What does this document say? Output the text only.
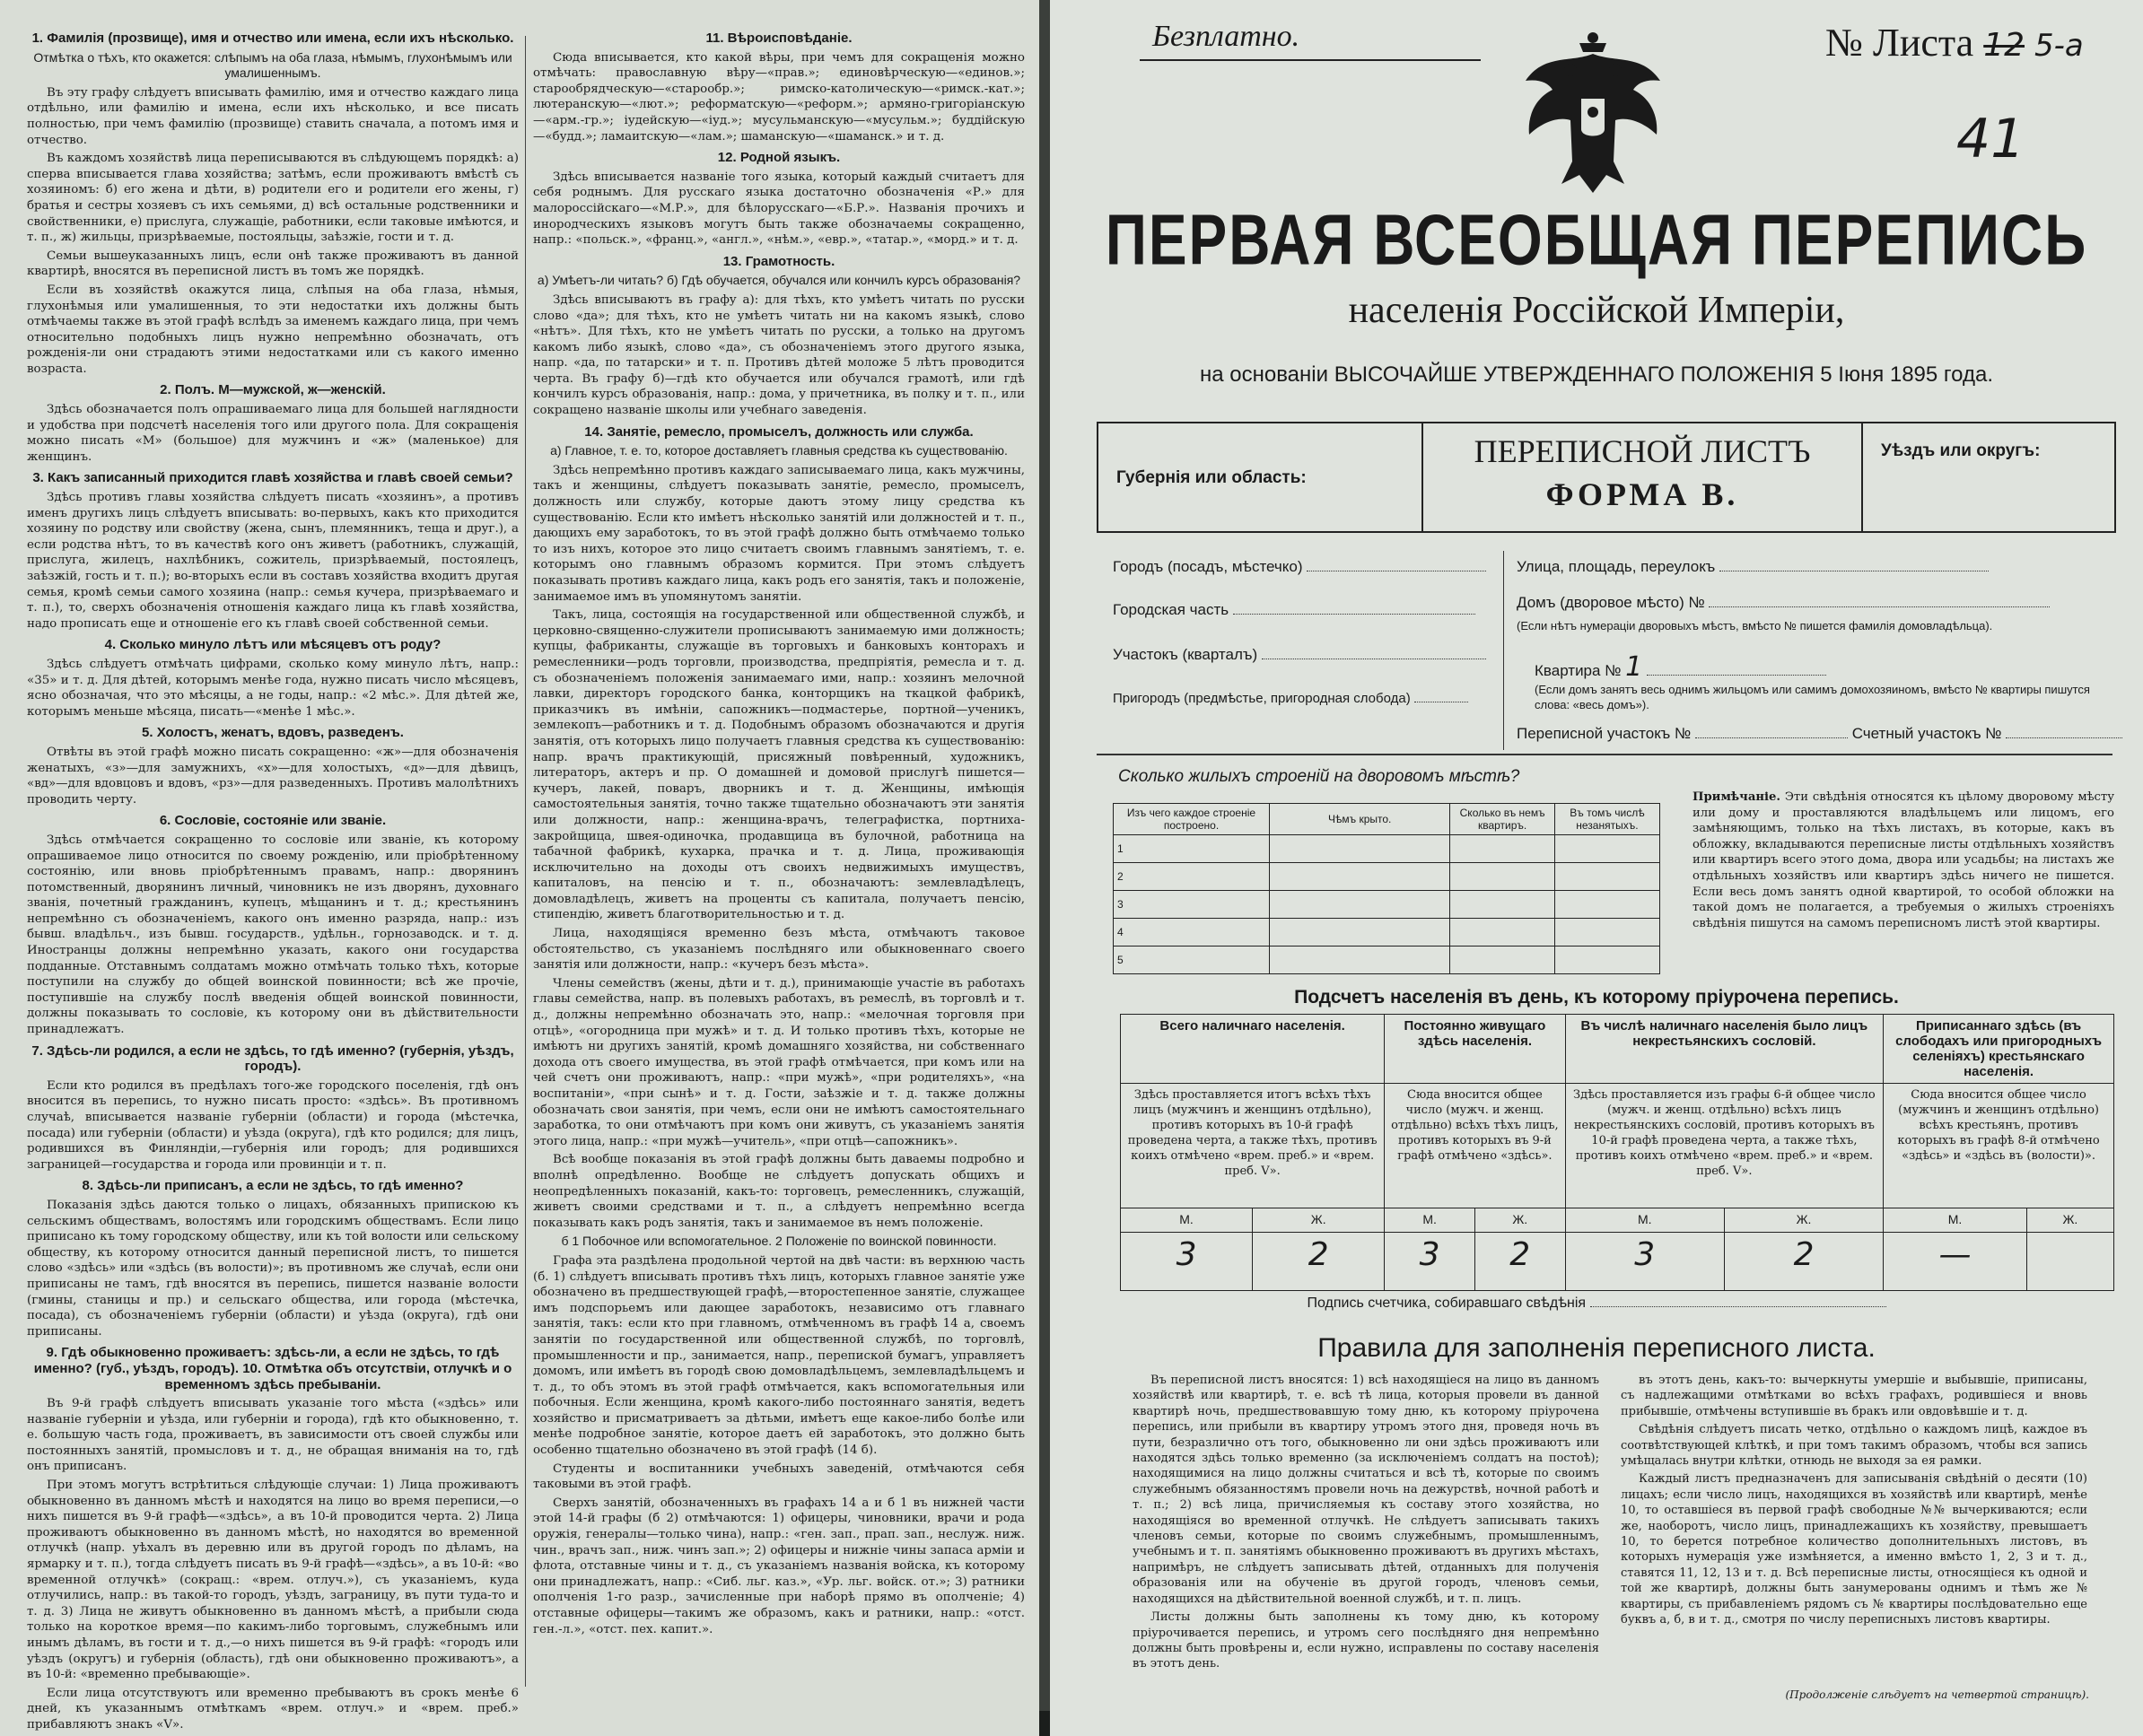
1. Фамилія (прозвище), имя и отчество или имена, если ихъ нѣсколько.

Отмѣтка о тѣхъ, кто окажется: слѣпымъ на оба глаза, нѣмымъ, глухонѣмымъ или умалишеннымъ.

Въ эту графу слѣдуетъ вписывать фамилію, имя и отчество каждаго лица отдѣльно, или фамилію и имена, если ихъ нѣсколько, и все писать полностью, при чемъ фамилію (прозвище) ставить сначала, а потомъ имя и отчество.

Въ каждомъ хозяйствѣ лица переписываются въ слѣдующемъ порядкѣ: а) сперва вписывается глава хозяйства; затѣмъ, если проживаютъ вмѣстѣ съ хозяиномъ: б) его жена и дѣти, в) родители его и родители его жены, г) братья и сестры хозяевъ съ ихъ семьями, д) всѣ остальные родственники и свойственники, е) прислуга, служащіе, работники, если таковые имѣются, и т. п., ж) жильцы, призрѣваемые, постояльцы, заѣзжіе, гости и т. д.

Семьи вышеуказанныхъ лицъ, если онѣ также проживаютъ въ данной квартирѣ, вносятся въ переписной листъ въ томъ же порядкѣ.

Если въ хозяйствѣ окажутся лица, слѣпыя на оба глаза, нѣмыя, глухонѣмыя или умалишенныя, то эти недостатки ихъ должны быть отмѣчаемы также въ этой графѣ вслѣдъ за именемъ каждаго лица, при чемъ относительно подобныхъ лицъ нужно непремѣнно обозначать, отъ рожденія-ли они страдаютъ этими недостатками или съ какого именно возраста.

2. Полъ. М—мужской, ж—женскій.

Здѣсь обозначается полъ опрашиваемаго лица для большей наглядности и удобства при подсчетѣ населенія того или другого пола. Для сокращенія можно писать «М» (большое) для мужчинъ и «ж» (маленькое) для женщинъ.

3. Какъ записанный приходится главѣ хозяйства и главѣ своей семьи?

Здѣсь противъ главы хозяйства слѣдуетъ писать «хозяинъ», а противъ именъ другихъ лицъ слѣдуетъ вписывать: во-первыхъ, какъ кто приходится хозяину по родству или свойству (жена, сынъ, племянникъ, теща и друг.), а если родства нѣтъ, то въ качествѣ кого онъ живетъ (работникъ, служащій, прислуга, жилецъ, нахлѣбникъ, сожитель, призрѣваемый, постоялецъ, заѣзжій, гость и т. п.); во-вторыхъ если въ составъ хозяйства входитъ другая семья, кромѣ семьи самого хозяина (напр.: семья кучера, призрѣваемаго и т. п.), то, сверхъ обозначенія отношенія каждаго лица къ главѣ хозяйства, надо прописать еще и отношеніе его къ главѣ своей собственной семьи.

4. Сколько минуло лѣтъ или мѣсяцевъ отъ роду?

Здѣсь слѣдуетъ отмѣчать цифрами, сколько кому минуло лѣтъ, напр.: «35» и т. д. Для дѣтей, которымъ менѣе года, нужно писать число мѣсяцевъ, ясно обозначая, что это мѣсяцы, а не годы, напр.: «2 мѣс.». Для дѣтей же, которымъ меньше мѣсяца, писать—«менѣе 1 мѣс.».

5. Холостъ, женатъ, вдовъ, разведенъ.

Отвѣты въ этой графѣ можно писать сокращенно: «ж»—для обозначенія женатыхъ, «з»—для замужнихъ, «х»—для холостыхъ, «д»—для дѣвицъ, «вд»—для вдовцовъ и вдовъ, «рз»—для разведенныхъ. Противъ малолѣтнихъ проводить черту.

6. Сословіе, состояніе или званіе.

Здѣсь отмѣчается сокращенно то сословіе или званіе, къ которому опрашиваемое лицо относится по своему рожденію, или пріобрѣтенному состоянію, или вновь пріобрѣтеннымъ правамъ, напр.: дворянинъ потомственный, дворянинъ личный, чиновникъ не изъ дворянъ, духовнаго званія, почетный гражданинъ, купецъ, мѣщанинъ и т. д.; крестьянинъ непремѣнно съ обозначеніемъ, какого онъ именно разряда, напр.: изъ бывш. владѣльч., изъ бывш. государств., удѣльн., горнозаводск. и т. д. Иностранцы должны непремѣнно указать, какого они государства подданные. Отставнымъ солдатамъ можно отмѣчать только тѣхъ, которые поступили на службу до общей воинской повинности; всѣ же прочіе, поступившіе на службу послѣ введенія общей воинской повинности, должны показывать то сословіе, къ которому они въ дѣйствительности принадлежатъ.

7. Здѣсь-ли родился, а если не здѣсь, то гдѣ именно? (губернія, уѣздъ, городъ).

Если кто родился въ предѣлахъ того-же городского поселенія, гдѣ онъ вносится въ перепись, то нужно писать просто: «здѣсь». Въ противномъ случаѣ, вписывается названіе губерніи (области) и города (мѣстечка, посада) или губерніи (области) и уѣзда (округа), гдѣ кто родился; для лицъ, родившихся въ Финляндіи,—губернія или городъ; для родившихся заграницей—государства и города или провинціи и т. п.

8. Здѣсь-ли приписанъ, а если не здѣсь, то гдѣ именно?

Показанія здѣсь даются только о лицахъ, обязанныхъ припискою къ сельскимъ обществамъ, волостямъ или городскимъ обществамъ. Если лицо приписано къ тому городскому обществу, или къ той волости или сельскому обществу, къ которому относится данный переписной листъ, то пишется слово «здѣсь» или «здѣсь (въ волости)»; въ противномъ же случаѣ, если они приписаны не тамъ, гдѣ вносятся въ перепись, пишется названіе волости (гмины, станицы и пр.) и сельскаго общества, или города (мѣстечка, посада), съ обозначеніемъ губерніи (области) и уѣзда (округа), гдѣ они приписаны.

9. Гдѣ обыкновенно проживаетъ: здѣсь-ли, а если не здѣсь, то гдѣ именно? (губ., уѣздъ, городъ). 10. Отмѣтка объ отсутствіи, отлучкѣ и о временномъ здѣсь пребываніи.

Въ 9-й графѣ слѣдуетъ вписывать указаніе того мѣста («здѣсь» или названіе губерніи и уѣзда, или губерніи и города), гдѣ кто обыкновенно, т. е. большую часть года, проживаетъ, въ зависимости отъ своей службы или постоянныхъ занятій, промысловъ и т. д., не обращая вниманія на то, гдѣ онъ приписанъ.

При этомъ могутъ встрѣтиться слѣдующіе случаи: 1) Лица проживаютъ обыкновенно въ данномъ мѣстѣ и находятся на лицо во время переписи,—о нихъ пишется въ 9-й графѣ—«здѣсь», а въ 10-й проводится черта. 2) Лица проживаютъ обыкновенно въ данномъ мѣстѣ, но находятся во временной отлучкѣ (напр. уѣхалъ въ деревню или въ другой городъ по дѣламъ, на ярмарку и т. п.), тогда слѣдуетъ писать въ 9-й графѣ—«здѣсь», а въ 10-й: «во временной отлучкѣ» (сокращ.: «врем. отлуч.»), съ указаніемъ, куда отлучились, напр.: въ такой-то городъ, уѣздъ, заграницу, въ пути туда-то и т. д. 3) Лица не живутъ обыкновенно въ данномъ мѣстѣ, а прибыли сюда только на короткое время—по какимъ-либо торговымъ, служебнымъ или инымъ дѣламъ, въ гости и т. д.,—о нихъ пишется въ 9-й графѣ: «городъ или уѣздъ (округъ) и губернія (область), гдѣ они обыкновенно проживаютъ», а въ 10-й: «временно пребывающіе».

Если лица отсутствуютъ или временно пребываютъ въ срокъ менѣе 6 дней, къ указаннымъ отмѣткамъ «врем. отлуч.» и «врем. преб.» прибавляютъ знакъ «V».

11. Вѣроисповѣданіе.

Сюда вписывается, кто какой вѣры, при чемъ для сокращенія можно отмѣчать: православную вѣру—«прав.»; единовѣрческую—«единов.»; старообрядческую—«старообр.»; римско-католическую—«римск.-кат.»; лютеранскую—«лют.»; реформатскую—«реформ.»; армяно-григоріанскую—«арм.-гр.»; іудейскую—«іуд.»; мусульманскую—«мусульм.»; буддійскую—«будд.»; ламаитскую—«лам.»; шаманскую—«шаманск.» и т. д.

12. Родной языкъ.

Здѣсь вписывается названіе того языка, который каждый считаетъ для себя роднымъ. Для русскаго языка достаточно обозначенія «Р.» для малороссійскаго—«М.Р.», для бѣлорусскаго—«Б.Р.». Названія прочихъ и инородческихъ языковъ могутъ быть также обозначаемы сокращенно, напр.: «польск.», «франц.», «англ.», «нѣм.», «евр.», «татар.», «морд.» и т. д.

13. Грамотность.

а) Умѣетъ-ли читать? б) Гдѣ обучается, обучался или кончилъ курсъ образованія?

Здѣсь вписываютъ въ графу а): для тѣхъ, кто умѣетъ читать по русски слово «да»; для тѣхъ, кто не умѣетъ читать ни на какомъ языкѣ, слово «нѣтъ». Для тѣхъ, кто не умѣетъ читать по русски, а только на другомъ какомъ либо языкѣ, слово «да», съ обозначеніемъ этого другого языка, напр. «да, по татарски» и т. п. Противъ дѣтей моложе 5 лѣтъ проводится черта. Въ графу б)—гдѣ кто обучается или обучался грамотѣ, или гдѣ кончилъ курсъ образованія, напр.: дома, у причетника, въ полку и т. п., или сокращено названіе школы или учебнаго заведенія.

14. Занятіе, ремесло, промыселъ, должность или служба.

а) Главное, т. е. то, которое доставляетъ главныя средства къ существованію.

Здѣсь непремѣнно противъ каждаго записываемаго лица, какъ мужчины, такъ и женщины, слѣдуетъ показывать занятіе, ремесло, промыселъ, должность или службу, которые даютъ этому лицу средства къ существованію. Если кто имѣетъ нѣсколько занятій или должностей и т. п., дающихъ ему заработокъ, то въ этой графѣ должно быть отмѣчаемо только то изъ нихъ, которое это лицо считаетъ своимъ главнымъ занятіемъ, т. е. которымъ оно главнымъ образомъ кормится. При этомъ слѣдуетъ показывать противъ каждаго лица, какъ родъ его занятія, такъ и положеніе, занимаемое имъ въ упомянутомъ занятіи.

Такъ, лица, состоящія на государственной или общественной службѣ, и церковно-священно-служители прописываютъ занимаемую ими должность; купцы, фабриканты, служащіе въ торговыхъ и банковыхъ конторахъ и ремесленники—родъ торговли, производства, предпріятія, ремесла и т. д. съ обозначеніемъ положенія занимаемаго ими, напр.: хозяинъ мелочной лавки, директоръ городского банка, конторщикъ на ткацкой фабрикѣ, приказчикъ въ имѣніи, сапожникъ—подмастерье, портной—ученикъ, землекопъ—работникъ и т. д. Подобнымъ образомъ обозначаются и другія занятія, отъ которыхъ лицо получаетъ главныя средства къ существованію: напр. врачъ практикующій, присяжный повѣренный, художникъ, литераторъ, актеръ и пр. О домашней и домовой прислугѣ пишется—кучеръ, лакей, поваръ, дворникъ и т. д. Женщины, имѣющія самостоятельныя занятія, точно также тщательно обозначаютъ эти занятія или должности, напр.: женщина-врачъ, телеграфистка, портниха-закройщица, швея-одиночка, продавщица въ булочной, работница на табачной фабрикѣ, кухарка, прачка и т. д. Лица, проживающія исключительно на доходы отъ своихъ недвижимыхъ имуществъ, капиталовъ, на пенсію и т. п., обозначаютъ: землевладѣлецъ, домовладѣлецъ, живетъ на проценты съ капитала, получаетъ пенсію, стипендію, живетъ благотворительностью и т. д.

Лица, находящіяся временно безъ мѣста, отмѣчаютъ таковое обстоятельство, съ указаніемъ послѣдняго или обыкновеннаго своего занятія или должности, напр.: «кучеръ безъ мѣста».

Члены семействъ (жены, дѣти и т. д.), принимающіе участіе въ работахъ главы семейства, напр. въ полевыхъ работахъ, въ ремеслѣ, въ торговлѣ и т. д., должны непремѣнно обозначать это, напр.: «мелочная торговля при отцѣ», «огородница при мужѣ» и т. д. И только противъ тѣхъ, которые не имѣютъ ни другихъ занятій, кромѣ домашняго хозяйства, ни собственнаго дохода отъ своего имущества, въ этой графѣ отмѣчается, при комъ или на чей счетъ они проживаютъ, напр.: «при мужѣ», «при родителяхъ», «на воспитаніи», «при сынѣ» и т. д. Гости, заѣзжіе и т. д. также должны обозначать свои занятія, при чемъ, если они не имѣютъ самостоятельнаго заработка, то они отмѣчаютъ при комъ они живутъ, съ указаніемъ занятія этого лица, напр.: «при мужѣ—учитель», «при отцѣ—сапожникъ».

Всѣ вообще показанія въ этой графѣ должны быть даваемы подробно и вполнѣ опредѣленно. Вообще не слѣдуетъ допускать общихъ и неопредѣленныхъ показаній, какъ-то: торговецъ, ремесленникъ, служащій, живетъ своими средствами и т. п., а слѣдуетъ непремѣнно всегда показывать какъ родъ занятія, такъ и занимаемое въ немъ положеніе.

б 1 Побочное или вспомогательное. 2 Положеніе по воинской повинности.

Графа эта раздѣлена продольной чертой на двѣ части: въ верхнюю часть (б. 1) слѣдуетъ вписывать противъ тѣхъ лицъ, которыхъ главное занятіе уже обозначено въ предшествующей графѣ,—второстепенное занятіе, служащее имъ подспорьемъ или дающее заработокъ, независимо отъ главнаго занятія, такъ: если кто при главномъ, отмѣченномъ въ графѣ 14 а, своемъ занятіи по государственной или общественной службѣ, по торговлѣ, промышленности и пр., занимается, напр., перепиской бумагъ, управляетъ домомъ, или имѣетъ въ городѣ свою домовладѣльцемъ, землевладѣльцемъ и т. д., то объ этомъ въ этой графѣ отмѣчается, какъ вспомогательныя или побочныя. Если женщина, кромѣ какого-либо постояннаго занятія, ведетъ хозяйство и присматриваетъ за дѣтьми, имѣетъ еще какое-либо болѣе или менѣе подробное занятіе, которое даетъ ей заработокъ, это должно быть особенно тщательно обозначено въ этой графѣ (14 б).

Студенты и воспитанники учебныхъ заведеній, отмѣчаются себя таковыми въ этой графѣ.

Сверхъ занятій, обозначенныхъ въ графахъ 14 а и б 1 въ нижней части этой 14-й графы (б 2) отмѣчаются: 1) офицеры, чиновники, врачи и рода оружія, генералы—только чина), напр.: «ген. зап., прап. зап., неслуж. ниж. чин., врачъ зап., ниж. чинъ зап.»; 2) офицеры и нижніе чины запаса арміи и флота, отставные чины и т. д., съ указаніемъ названія войска, къ которому они принадлежатъ, напр.: «Сиб. льг. каз.», «Ур. льг. войск. от.»; 3) ратники ополченія 1-го разр., зачисленные при наборѣ прямо въ ополченіе; 4) отставные офицеры—такимъ же образомъ, какъ и ратники, напр.: «отст. ген.-л.», «отст. пех. капит.».

Безплатно.	№ Листа 12 5-а
41
ПЕРВАЯ ВСЕОБЩАЯ ПЕРЕПИСЬ
населенія Россійской Имперіи,
на основаніи ВЫСОЧАЙШЕ УТВЕРЖДЕННАГО ПОЛОЖЕНІЯ 5 Іюня 1895 года.
Губернія или область:
ПЕРЕПИСНОЙ ЛИСТЪ
ФОРМА В.
Уѣздъ или округъ:
Городъ (посадъ, мѣстечко)
Городская часть
Участокъ (кварталъ)
Пригородъ (предмѣстье, пригородная слобода)
Улица, площадь, переулокъ
Домъ (дворовое мѣсто) №
(Если нѣтъ нумераціи дворовыхъ мѣстъ, вмѣсто № пишется фамилія домовладѣльца).
Квартира № 1
(Если домъ занятъ весь однимъ жильцомъ или самимъ домохозяиномъ, вмѣсто № квартиры пишутся слова: «весь домъ»).
Переписной участокъ №	Счетный участокъ №
Сколько жилыхъ строеній на дворовомъ мѣстѣ?
Изъ чего каждое строеніе построено.	Чѣмъ крыто.	Сколько въ немъ квартиръ.	Въ томъ числѣ незанятыхъ.
1			
2			
3			
4			
5			
Примѣчаніе. Эти свѣдѣнія относятся къ цѣлому дворовому мѣсту или дому и проставляются владѣльцемъ или лицомъ, его замѣняющимъ, только на тѣхъ листахъ, въ которые, какъ въ обложку, вкладываются переписные листы отдѣльныхъ хозяйствъ или квартиръ всего этого дома, двора или усадьбы; на листахъ же отдѣльныхъ хозяйствъ или квартиръ здѣсь ничего не пишется. Если весь домъ занятъ одной квартирой, то особой обложки на такой домъ не полагается, а требуемыя о жилыхъ строеніяхъ свѣдѣнія пишутся на самомъ переписномъ листѣ этой квартиры.
Подсчетъ населенія въ день, къ которому пріурочена перепись.
Всего наличнаго населенія.		Постоянно живущаго здѣсь населенія.		Въ числѣ наличнаго населенія было лицъ некрестьянскихъ сословій.		Приписаннаго здѣсь (въ слободахъ или пригородныхъ селеніяхъ) крестьянскаго населенія.	
Здѣсь проставляется итогъ всѣхъ тѣхъ лицъ (мужчинъ и женщинъ отдѣльно), противъ которыхъ въ 10-й графѣ проведена черта, а также тѣхъ, противъ коихъ отмѣчено «врем. преб.» и «врем. преб. V».		Сюда вносится общее число (мужч. и женщ. отдѣльно) всѣхъ тѣхъ лицъ, противъ которыхъ въ 9-й графѣ отмѣчено «здѣсь».		Здѣсь проставляется изъ графы 6-й общее число (мужч. и женщ. отдѣльно) всѣхъ лицъ некрестьянскихъ сословій, противъ которыхъ въ 10-й графѣ проведена черта, а также тѣхъ, противъ коихъ отмѣчено «врем. преб.» и «врем. преб. V».		Сюда вносится общее число (мужчинъ и женщинъ отдѣльно) всѣхъ крестьянъ, противъ которыхъ въ графѣ 8-й отмѣчено «здѣсь» и «здѣсь въ (волости)».	
М.	Ж.	М.	Ж.	М.	Ж.	М.	Ж.
3	2	3	2	3	2	—	
Подпись счетчика, собиравшаго свѣдѣнія
Правила для заполненія переписного листа.

Въ переписной листъ вносятся: 1) всѣ находящіеся на лицо въ данномъ хозяйствѣ или квартирѣ, т. е. всѣ тѣ лица, которыя провели въ данной квартирѣ ночь, предшествовавшую тому дню, къ которому пріурочена перепись, или прибыли въ квартиру утромъ этого дня, проведя ночь въ пути, безразлично отъ того, обыкновенно ли они здѣсь проживаютъ или находятся здѣсь только временно (за исключеніемъ солдатъ на постоѣ); находящимися на лицо должны считаться и всѣ тѣ, которые по своимъ служебнымъ обязанностямъ провели ночь на дежурствѣ, ночной работѣ и т. п.; 2) всѣ лица, причисляемыя къ составу этого хозяйства, но находящіяся во временной отлучкѣ. Не слѣдуетъ записывать такихъ членовъ семьи, которые по своимъ служебнымъ, промышленнымъ, учебнымъ и т. п. занятіямъ обыкновенно проживаютъ въ другихъ мѣстахъ, напримѣръ, не слѣдуетъ записывать дѣтей, отданныхъ для полученія образованія или на обученіе въ другой городъ, членовъ семьи, находящихся на дѣйствительной военной службѣ, и т. п. лицъ.

Листы должны быть заполнены къ тому дню, къ которому пріурочивается перепись, и утромъ сего послѣдняго дня непремѣнно должны быть провѣрены и, если нужно, исправлены по составу населенія въ этотъ день.

въ этотъ день, какъ-то: вычеркнуты умершіе и выбывшіе, приписаны, съ надлежащими отмѣтками во всѣхъ графахъ, родившіеся и вновь прибывшіе, отмѣчены вступившіе въ бракъ или овдовѣвшіе и т. д.

Свѣдѣнія слѣдуетъ писать четко, отдѣльно о каждомъ лицѣ, каждое въ соотвѣтствующей клѣткѣ, и при томъ такимъ образомъ, чтобы вся запись умѣщалась внутри клѣтки, отнюдь не выходя за ея рамки.

Каждый листъ предназначенъ для записыванія свѣдѣній о десяти (10) лицахъ; если число лицъ, находящихся въ хозяйствѣ или квартирѣ, менѣе 10, то оставшіеся въ первой графѣ свободные №№ вычеркиваются; если же, наоборотъ, число лицъ, принадлежащихъ къ хозяйству, превышаетъ 10, то берется потребное количество дополнительныхъ листовъ, въ которыхъ нумерація уже измѣняется, а именно вмѣсто 1, 2, 3 и т. д., ставятся 11, 12, 13 и т. д. Всѣ переписные листы, относящіеся къ одной и той же квартирѣ, должны быть занумерованы однимъ и тѣмъ же № квартиры, съ прибавленіемъ рядомъ съ № квартиры послѣдовательно еще буквъ а, б, в и т. д., смотря по числу переписныхъ листовъ квартиры.

(Продолженіе слѣдуетъ на четвертой страницѣ).
